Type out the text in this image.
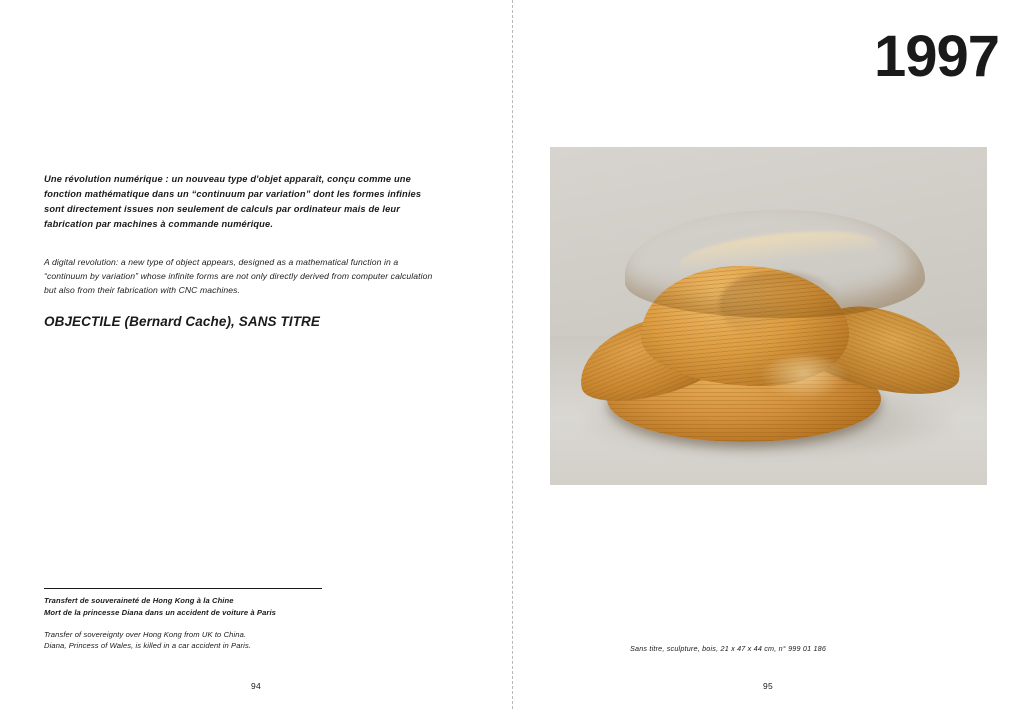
Une révolution numérique : un nouveau type d'objet apparaît, conçu comme une fonction mathématique dans un “continuum par variation” dont les formes infinies sont directement issues non seulement de calculs par ordinateur mais de leur fabrication par machines à commande numérique.
A digital revolution: a new type of object appears, designed as a mathematical function in a “continuum by variation” whose infinite forms are not only directly derived from computer calculation but also from their fabrication with CNC machines.
OBJECTILE (Bernard Cache), SANS TITRE
Transfert de souveraineté de Hong Kong à la Chine
Mort de la princesse Diana dans un accident de voiture à Paris
Transfer of sovereignty over Hong Kong from UK to China.
Diana, Princess of Wales, is killed in a car accident in Paris.
94
1997
Sans titre, sculpture, bois, 21 x 47 x 44 cm, n° 999 01 186
95
